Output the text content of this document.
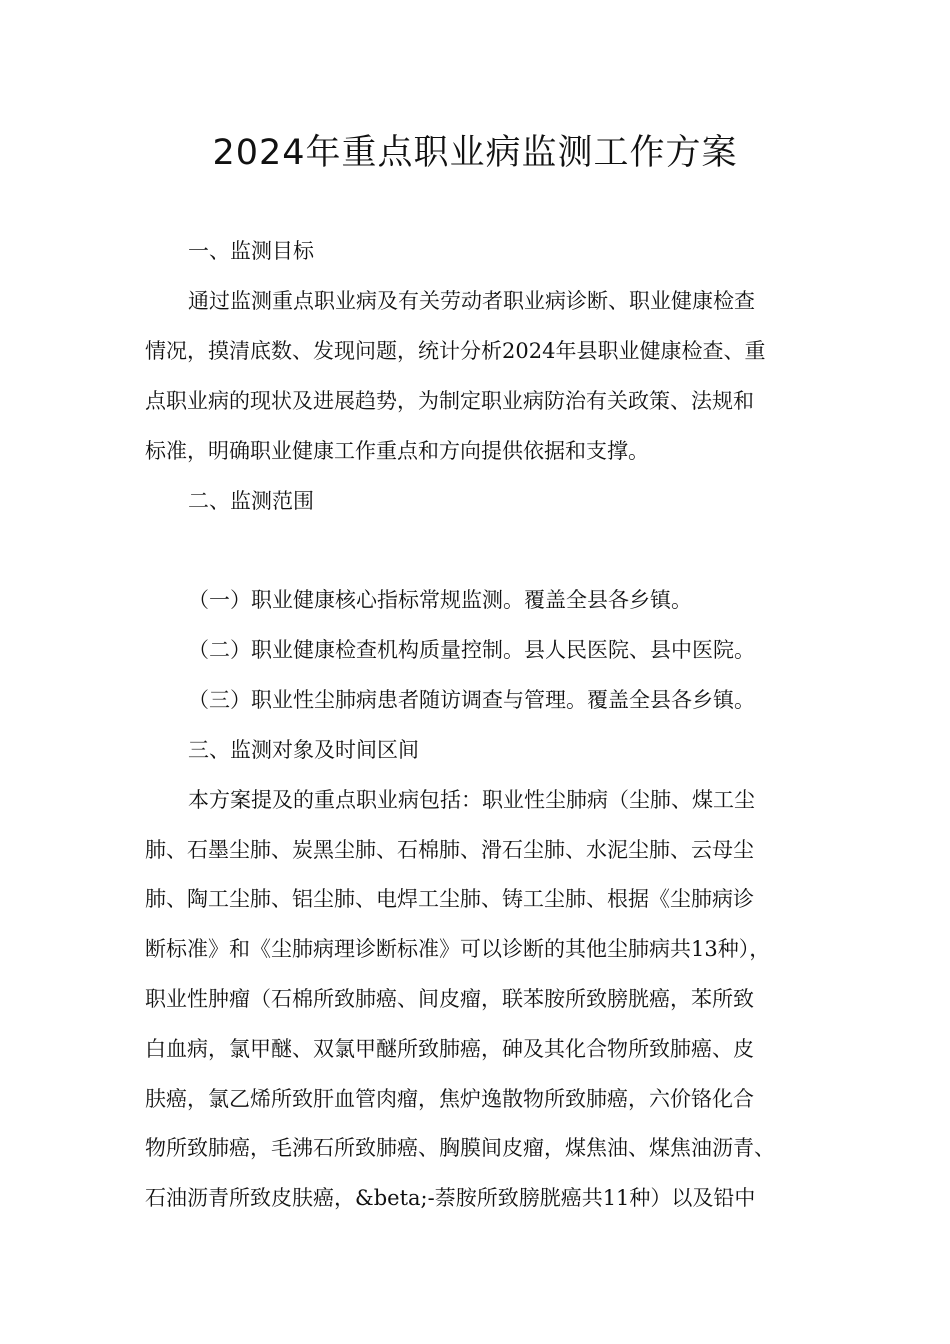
2024年重点职业病监测工作方案

一、监测目标

通过监测重点职业病及有关劳动者职业病诊断、职业健康检查

情况，摸清底数、发现问题，统计分析2024年县职业健康检查、重

点职业病的现状及进展趋势，为制定职业病防治有关政策、法规和

标准，明确职业健康工作重点和方向提供依据和支撑。

二、监测范围

（一）职业健康核心指标常规监测。覆盖全县各乡镇。

（二）职业健康检查机构质量控制。县人民医院、县中医院。

（三）职业性尘肺病患者随访调查与管理。覆盖全县各乡镇。

三、监测对象及时间区间

本方案提及的重点职业病包括：职业性尘肺病（尘肺、煤工尘

肺、石墨尘肺、炭黑尘肺、石棉肺、滑石尘肺、水泥尘肺、云母尘

肺、陶工尘肺、铝尘肺、电焊工尘肺、铸工尘肺、根据《尘肺病诊

断标准》和《尘肺病理诊断标准》可以诊断的其他尘肺病共13种），

职业性肿瘤（石棉所致肺癌、间皮瘤，联苯胺所致膀胱癌，苯所致

白血病，氯甲醚、双氯甲醚所致肺癌，砷及其化合物所致肺癌、皮

肤癌，氯乙烯所致肝血管肉瘤，焦炉逸散物所致肺癌，六价铬化合

物所致肺癌，毛沸石所致肺癌、胸膜间皮瘤，煤焦油、煤焦油沥青、

石油沥青所致皮肤癌，&beta;-萘胺所致膀胱癌共11种）以及铅中
